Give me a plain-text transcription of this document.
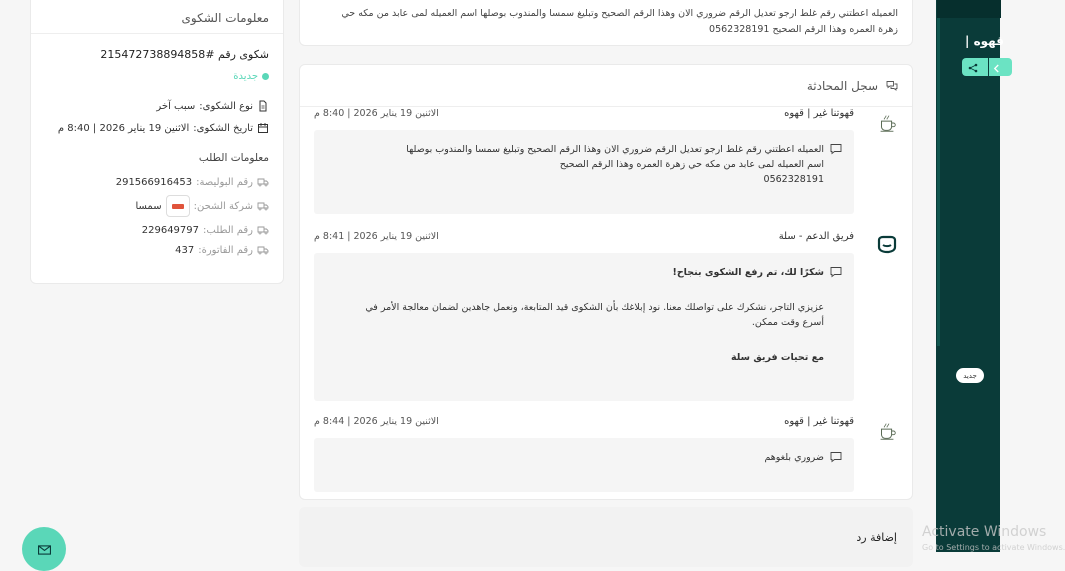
معلومات الشكوى
شكوى رقم #215472738894858
جديدة
نوع الشكوى:
سبب آخر
تاريخ الشكوى:
الاثنين 19 يناير 2026 | 8:40 م
معلومات الطلب
رقم البوليصة:
291566916453
شركة الشحن:
سمسا
رقم الطلب:
229649797
رقم الفاتورة:
437
العميله اعطتني رقم غلط ارجو تعديل الرقم ضروري الان وهذا الرقم الصحيح وتبليغ سمسا والمندوب بوصلها اسم العميله لمى عابد من مكه حي
زهرة العمره وهذا الرقم الصحيح 0562328191
سجل المحادثة
قهوتنا غير | قهوه
الاثنين 19 يناير 2026 | 8:40 م
العميله اعطتني رقم غلط ارجو تعديل الرقم ضروري الان وهذا الرقم الصحيح وتبليغ سمسا والمندوب بوصلها
اسم العميله لمى عابد من مكه حي زهرة العمره وهذا الرقم الصحيح
0562328191
فريق الدعم - سلة
الاثنين 19 يناير 2026 | 8:41 م
شكرًا لك، تم رفع الشكوى بنجاح!

عزيزي التاجر، نشكرك على تواصلك معنا. نود إبلاغك بأن الشكوى قيد المتابعة، ونعمل جاهدين لضمان معالجة الأمر في أسرع وقت ممكن.

مع تحيات فريق سلة
قهوتنا غير | قهوه
الاثنين 19 يناير 2026 | 8:44 م
ضروري بلغوهم
إضافة رد
| قهوه
جديد
Activate Windows
Go to Settings to activate Windows.
